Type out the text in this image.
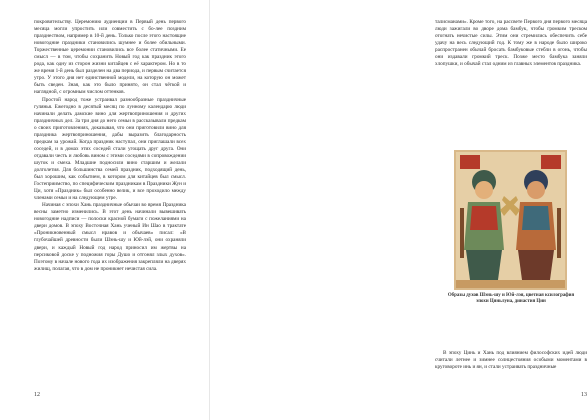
покровительству. Церемонию аудиенции в Первый день первого месяца могли упростить или совместить с бо-лее поздним празднеством, например в 10-й день. Только после этого настоящие новогодние праздники становились шумнее и более обильными. Торжественные церемонии становились все более статичными. Ее смысл — в том, чтобы сохранить Новый год как праздник этого рода, как одну из сторон жизни китайцев с её характером. Но в то же время 1-й день был разделен на два периода, и первым считается утро. У этого дня нет единственной модели, на которую он может быть сведен. Зная, как это было принято, он стал чёткой и наглядной, с огромным числом оттенков.

Простой народ тоже устраивал разнообразные праздничные гулянья. Ежегодно в десятый месяц по лунному календарю люди начинали делать дамские вино для жертвоприношения и других праздничных дел. За три дня до него семьи в рассказывали предкам о своих приготовлениях, доказывая, что они приготовили вино для праздника жертвоприношения, дабы выразить благодарность предкам за урожай. Когда праздник наступал, они приглашали всех соседей, и в домах этих соседей стали угощать друг друга. Они отдавали честь и любовь вином с этими соседями в сопровождении шуток и смеха. Младшие подносили вино старшим и желали долголетия. Для большинства семей праздник, подходящий день, был хорошим, как событием, в котором для китайцев был смысл. Гостеприимство, по специфическим праздникам в Праздники Жун и Ци, хотя «Праздник» был особенно велик, и все проходило между членами семьи и на следующем утре.

Начиная с эпохи Хань праздничные обычаи во время Праздника весны заметно изменились. В этот день начинали вывешивать новогодние надписи — полоски красной бумаги с пожеланиями на двери домов. В эпоху Восточная Хань ученый Ин Шао в трактате «Проникновенный смысл нравов и обычаев» писал: «В глубочайшей древности были Шэнь-шу и Юй-лэй, они охраняли двери, и каждый Новый год народ приносил им жертвы на персиковой доске у подножия горы Душо и отгонял злых духов». Поэтому в начале нового года их изображения закрепляли на дверях жилищ, полагая, что в дом не проникнет нечистая сила.

12

талисманами». Кроме того, на рассвете Первого дня первого месяца люди зажигали во дворе дома бамбук, чтобы громким треском отогнать нечистые силы. Этим они стремились обеспечить себе удачу на весь следующий год. К тому же в народе было широко распространен обычай бросать бамбуковые стебли в огонь, чтобы они издавали громкий треск. Позже место бамбука заняли хлопушки, и обычай стал одним из главных элементов праздника.

Образы духов Шэнь-шу и Юй-лэя, цветная ксилография эпохи Цяньлуна, династия Цин

В эпоху Цинь и Хань под влиянием философских идей люди считали летнее и зимнее солнцестояния особыми моментами в круговороте инь и ян, и стали устраивать праздничные

13
